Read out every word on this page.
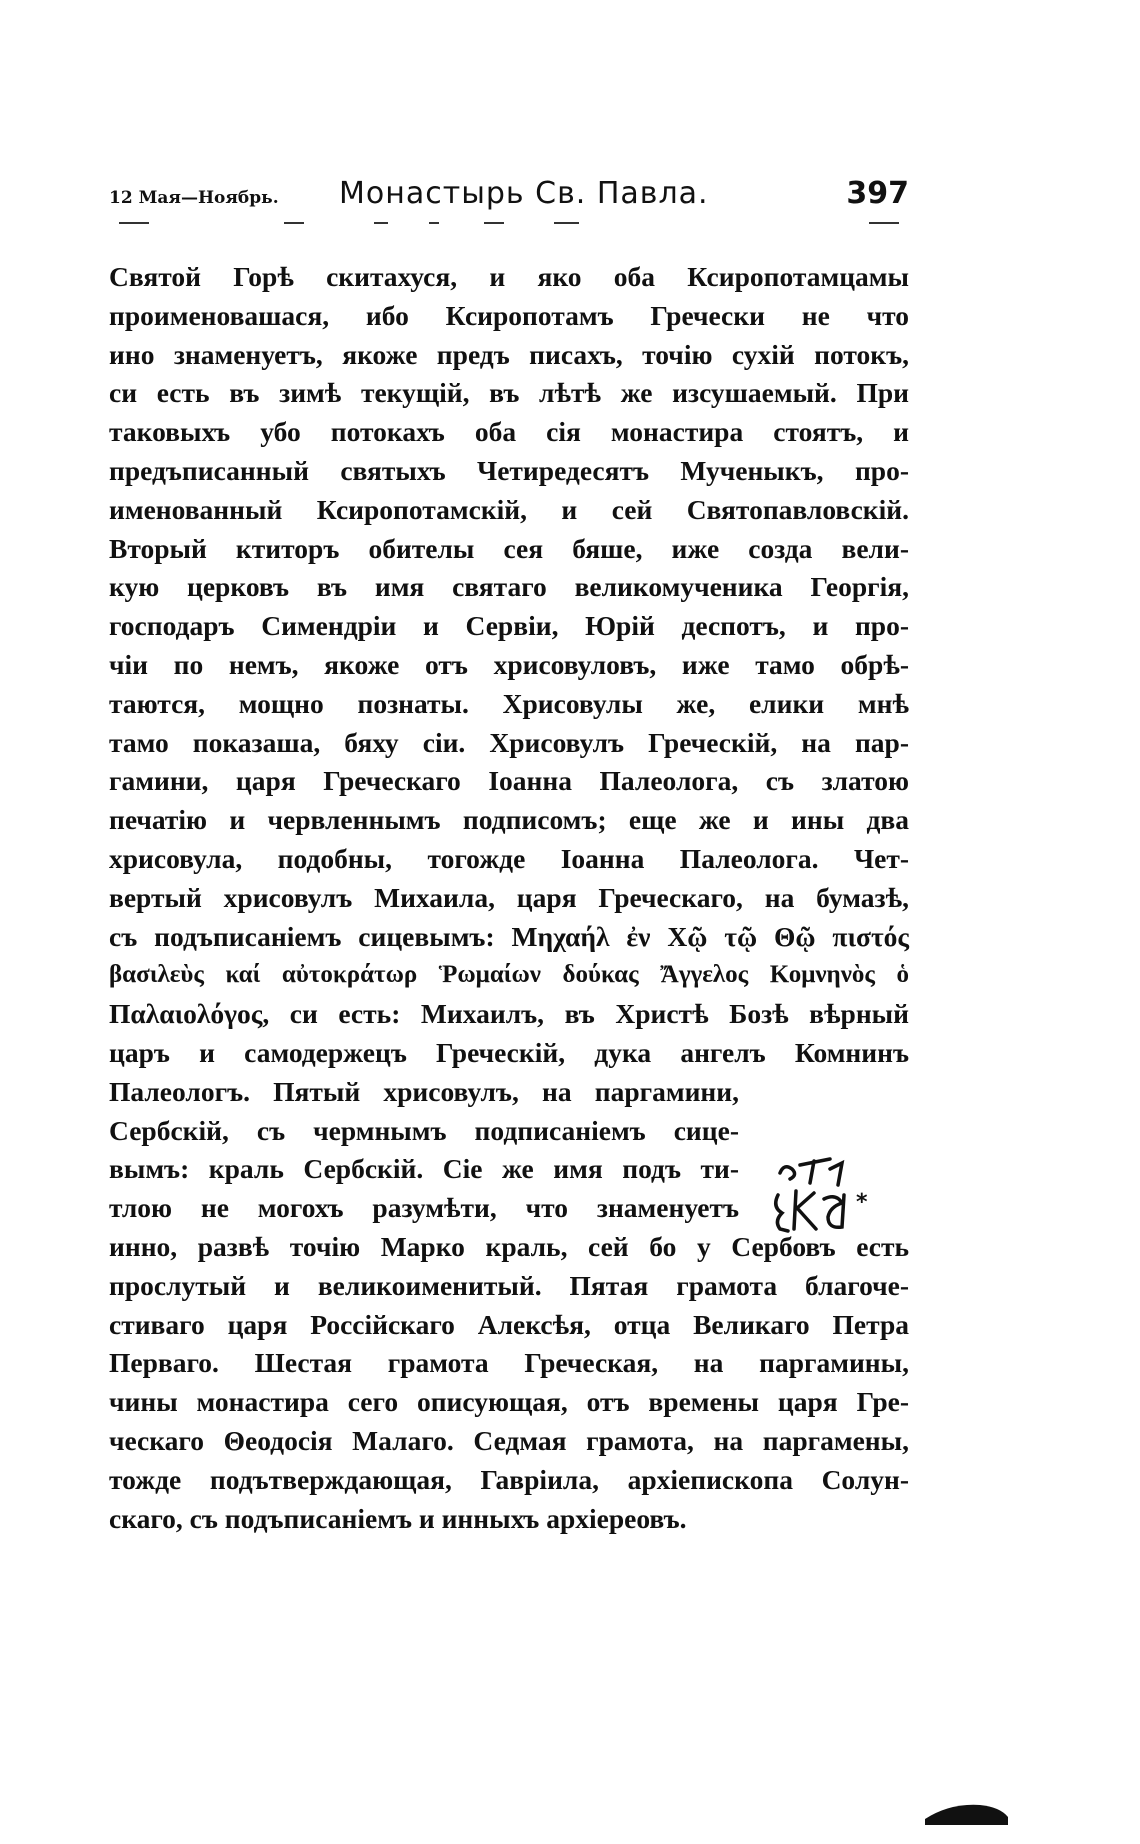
12 Мая—Ноябрь. Монастырь Св. Павла.	397
Святой Горѣ скитахуся, и яко оба Ксиропотамцамы
проименовашася, ибо Ксиропотамъ Гречески не что
ино знаменуетъ, якоже предъ писахъ, точію сухій потокъ,
си есть въ зимѣ текущій, въ лѣтѣ же изсушаемый. При
таковыхъ убо потокахъ оба сія монастира стоятъ, и
предъписанный святыхъ Четиредесятъ Мученыкъ, про-
именованный Ксиропотамскій, и сей Святопавловскій.
Вторый ктиторъ обителы сея бяше, иже созда вели-
кую церковъ въ имя святаго великомученика Георгія,
господаръ Симендріи и Сервіи, Юрій деспотъ, и про-
чіи по немъ, якоже отъ хрисовуловъ, иже тамо обрѣ-
таются, мощно познаты. Хрисовулы же, елики мнѣ
тамо показаша, бяху сіи. Хрисовулъ Греческій, на пар-
гамини, царя Греческаго Іоанна Палеолога, съ златою
печатію и червленнымъ подписомъ; еще же и ины два
хрисовула, подобны, тогожде Іоанна Палеолога. Чет-
вертый хрисовулъ Михаила, царя Греческаго, на бумазѣ,
съ подъписаніемъ сицевымъ: Μηχαήλ ἐν Χῷ τῷ Θῷ πιστός
βασιλεὺς καί αὐτοκράτωρ Ῥωμαίων δούκας Ἄγγελος Κομνηνὸς ὁ
Παλαιολόγος, си есть: Михаилъ, въ Христѣ Бозѣ вѣрный
царъ и самодержецъ Греческій, дука ангелъ Комнинъ
Палеологъ. Пятый хрисовулъ, на паргамини,
Сербскій, съ чермнымъ подписаніемъ сице-
вымъ: краль Сербскій. Сіе же имя подъ ти-
тлою не могохъ разумѣти, что знаменуетъ
инно, развѣ точію Марко краль, сей бо у Сербовъ есть
прослутый и великоименитый. Пятая грамота благоче-
стиваго царя Россійскаго Алексѣя, отца Великаго Петра
Перваго. Шестая грамота Греческая, на паргамины,
чины монастира сего описующая, отъ времены царя Гре-
ческаго Θеодосія Малаго. Седмая грамота, на паргамены,
тожде подътверждающая, Гавріила, архіепископа Солун-
скаго, съ подъписаніемъ и инныхъ архіереовъ.
*
